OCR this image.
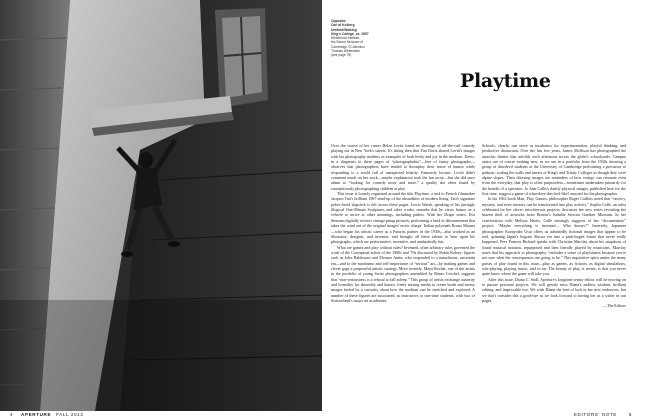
4 APERTURE FALL 2013
Opposite:
Carl af Kolberg
Untitled/Walking
King's College, ca. 1957
Whitehead Institute,
the Blount Museum of
Cambridge ©Collection
Thomas Whitewater
(see page 75)
Playtime

Over the course of her career Helen Levitt found no shortage of off-the-cuff comedy playing out in New York's streets. It's fitting then that Tim Davis shared Levitt's images with his photography students as examples of both levity and joy in the medium. Davis, in a diagnosis in these pages of “photographobia”—fear of funny photographs—observes that photographers have tended to downplay their sense of humor while responding to a world full of unexpected hilarity. Famously laconic, Levitt didn't comment much on her work—maybe explanation took the fun away—but she did once admit to “looking for comedy more and more,” a quality she often found by surreptitiously photographing children at play.

This issue is loosely organized around the title Playtime, a nod to French filmmaker Jacques Tati's brilliant 1967 send-up of the absurdities of modern living. Tati's signature poker-faced slapstick is felt across these pages. Lewis Warsh, speaking of his jarringly illogical One-Minute Sculptures and other works, remarks that he views humor as a vehicle to arrive at other meanings, including pathos. With her Drape series, Eva Stenram digitally rewires vintage pinup pictures, performing a kind of détournement that takes the wind out of the original images' erotic charge. Italian polymath Bruno Munari—who began his artistic career as a Futurist painter in the 1930s—also worked as an illustrator, designer, and inventor, and brought all these talents to bear upon his photographs, which are performative, inventive, and unabashedly fun.

What are games and play without rules? Invented, often arbitrary rules governed the work of the Conceptual artists of the 1960s and '70s discussed by Robin Kelsey: figures such as John Baldessari and Eleanor Antin, who responded to a tumultuous, uncertain era—and to the machismo and self-importance of “serious” art—by making games and clever gags a purposeful artistic strategy. More recently, Maya Rochat, one of the artists in the portfolio of young Swiss photographers assembled by Bruno Ceschel, suggests that “non-seriousness is a refusal to fall asleep.” This group of artists exchange austerity and formality for absurdity and humor, freely mixing media to create brash and messy images fueled by a curiosity about how the medium can be stretched and explored. A number of these figures are associated, as instructors or one-time students, with two of Switzerland's major art academies.

Schools, clearly, can serve as incubators for experimentation, playful thinking, and productive distraction. Over the last few years, James Mollison has photographed the anarchic theater that unfolds each afternoon across the globe's schoolyards. Campus antics are of course nothing new, as we see in a portfolio from the 1930s showing a group of daredevil students at the University of Cambridge performing a precursor to parkour: scaling the walls and turrets of King's and Trinity Colleges as though they were alpine slopes. Their dizzying images are reminders of how vertigo can resonate even from the everyday, that play is often purposeless—sometimes undertaken primarily for the benefit of a spectator. Jo Ann Callis's darkly physical images, published here for the first time, suggest a game of what-does-this-feel-like? enacted for the photographer.

In his 1962 book Man, Play, Games, philosopher Roger Caillois noted that “secrecy, mystery, and even travesty can be transformed into play activity.” Sophie Calle, an artist celebrated for her clever, mischievous projects, discusses her new series revisiting the brazen theft of artworks from Boston's Isabella Stewart Gardner Museum. In her conversation with Melissa Harris, Calle teasingly suggests of her “documentary” project: “Maybe everything is invented.... Who knows?” Inversely, Japanese photographer Kazuyoshi Usui offers us admittedly fictional images that appear to be real, spinning Japan's bygone Showa era into a pink-tinged future that never really happened. Peer Frances Richard speaks with Christian Marclay about his snapshots of found musical notation, repurposed and then literally played by musicians. Marclay notes that his approach to photography “includes a sense of playfulness because you're not sure what the consequences are going to be.” This inquisitive spirit unites the many guises of play found in this issue—play as games, as fictions, as digital simulations, role-playing, playing music, and so on. The beauty of play, it seems, is that you never quite know where the game will take you.

After this issue, Diana C. Stoll, Aperture's longtime senior editor, will be moving on to pursue personal projects. We will greatly miss Diana's endless wisdom, brilliant editing, and impeccable eye. We wish Diana the best of luck in her new endeavors, but we don't consider this a good-bye as we look forward to having her as a writer in our pages.

—The Editors

EDITORS' NOTE	5
